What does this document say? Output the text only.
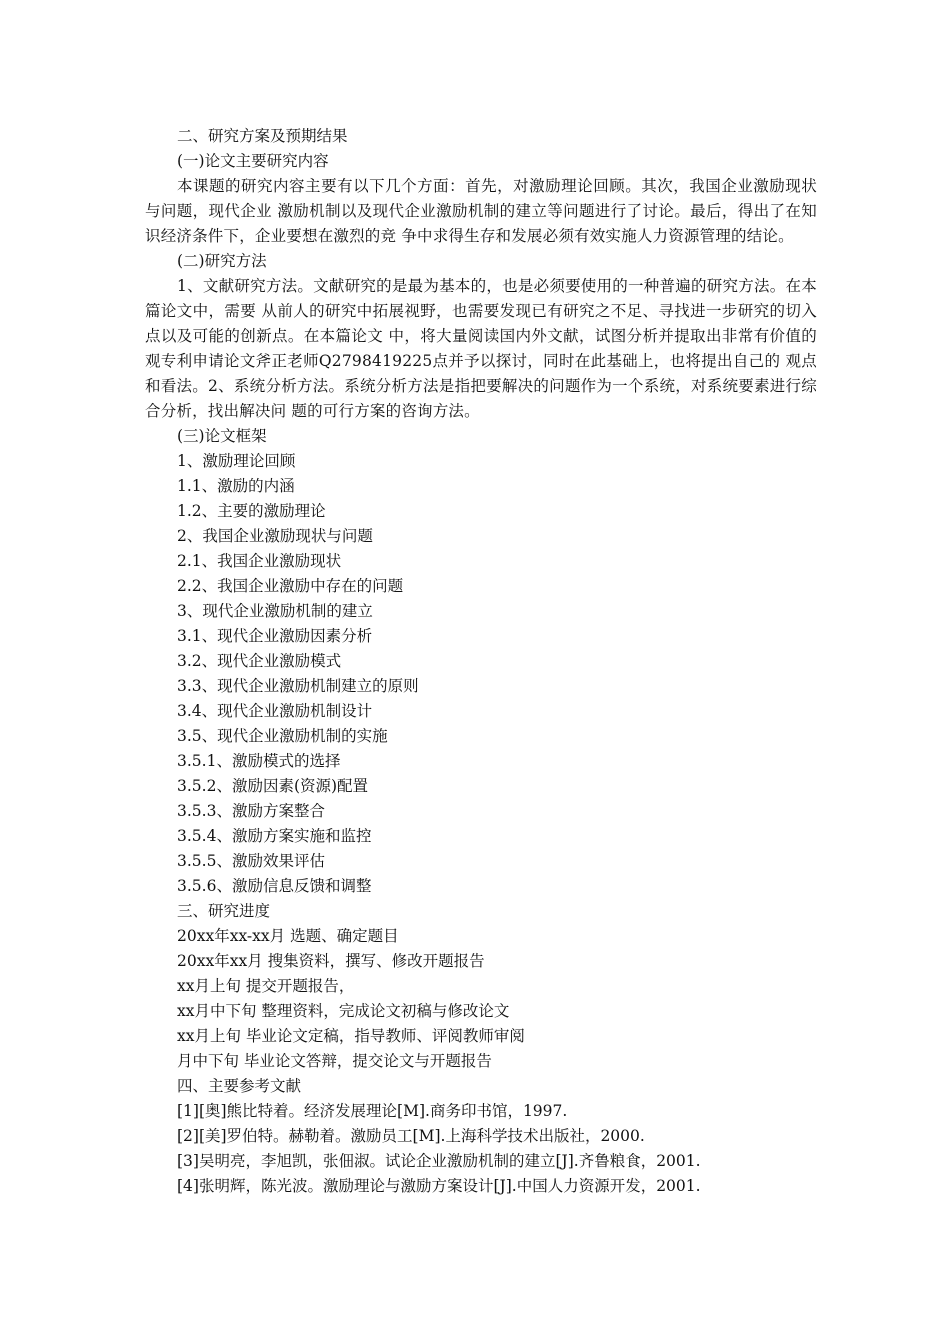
二、研究方案及预期结果
(一)论文主要研究内容

本课题的研究内容主要有以下几个方面：首先，对激励理论回顾。其次，我国企业激励现状与问题，现代企业 激励机制以及现代企业激励机制的建立等问题进行了讨论。最后，得出了在知识经济条件下，企业要想在激烈的竞 争中求得生存和发展必须有效实施人力资源管理的结论。

(二)研究方法

1、文献研究方法。文献研究的是最为基本的，也是必须要使用的一种普遍的研究方法。在本篇论文中，需要 从前人的研究中拓展视野，也需要发现已有研究之不足、寻找进一步研究的切入点以及可能的创新点。在本篇论文 中，将大量阅读国内外文献，试图分析并提取出非常有价值的观专利申请论文斧正老师Q2798419225点并予以探讨，同时在此基础上，也将提出自己的 观点和看法。2、系统分析方法。系统分析方法是指把要解决的问题作为一个系统，对系统要素进行综合分析，找出解决问 题的可行方案的咨询方法。

(三)论文框架
1、激励理论回顾
1.1、激励的内涵
1.2、主要的激励理论
2、我国企业激励现状与问题
2.1、我国企业激励现状
2.2、我国企业激励中存在的问题
3、现代企业激励机制的建立
3.1、现代企业激励因素分析
3.2、现代企业激励模式
3.3、现代企业激励机制建立的原则
3.4、现代企业激励机制设计
3.5、现代企业激励机制的实施
3.5.1、激励模式的选择
3.5.2、激励因素(资源)配置
3.5.3、激励方案整合
3.5.4、激励方案实施和监控
3.5.5、激励效果评估
3.5.6、激励信息反馈和调整
三、研究进度
20xx年xx-xx月 选题、确定题目
20xx年xx月 搜集资料，撰写、修改开题报告
xx月上旬 提交开题报告，
xx月中下旬 整理资料，完成论文初稿与修改论文
xx月上旬 毕业论文定稿，指导教师、评阅教师审阅
月中下旬 毕业论文答辩，提交论文与开题报告
四、主要参考文献
[1][奥]熊比特着。经济发展理论[M].商务印书馆，1997.
[2][美]罗伯特。赫勒着。激励员工[M].上海科学技术出版社，2000.
[3]吴明亮，李旭凯，张佃淑。试论企业激励机制的建立[J].齐鲁粮食，2001.
[4]张明辉，陈光波。激励理论与激励方案设计[J].中国人力资源开发，2001.
